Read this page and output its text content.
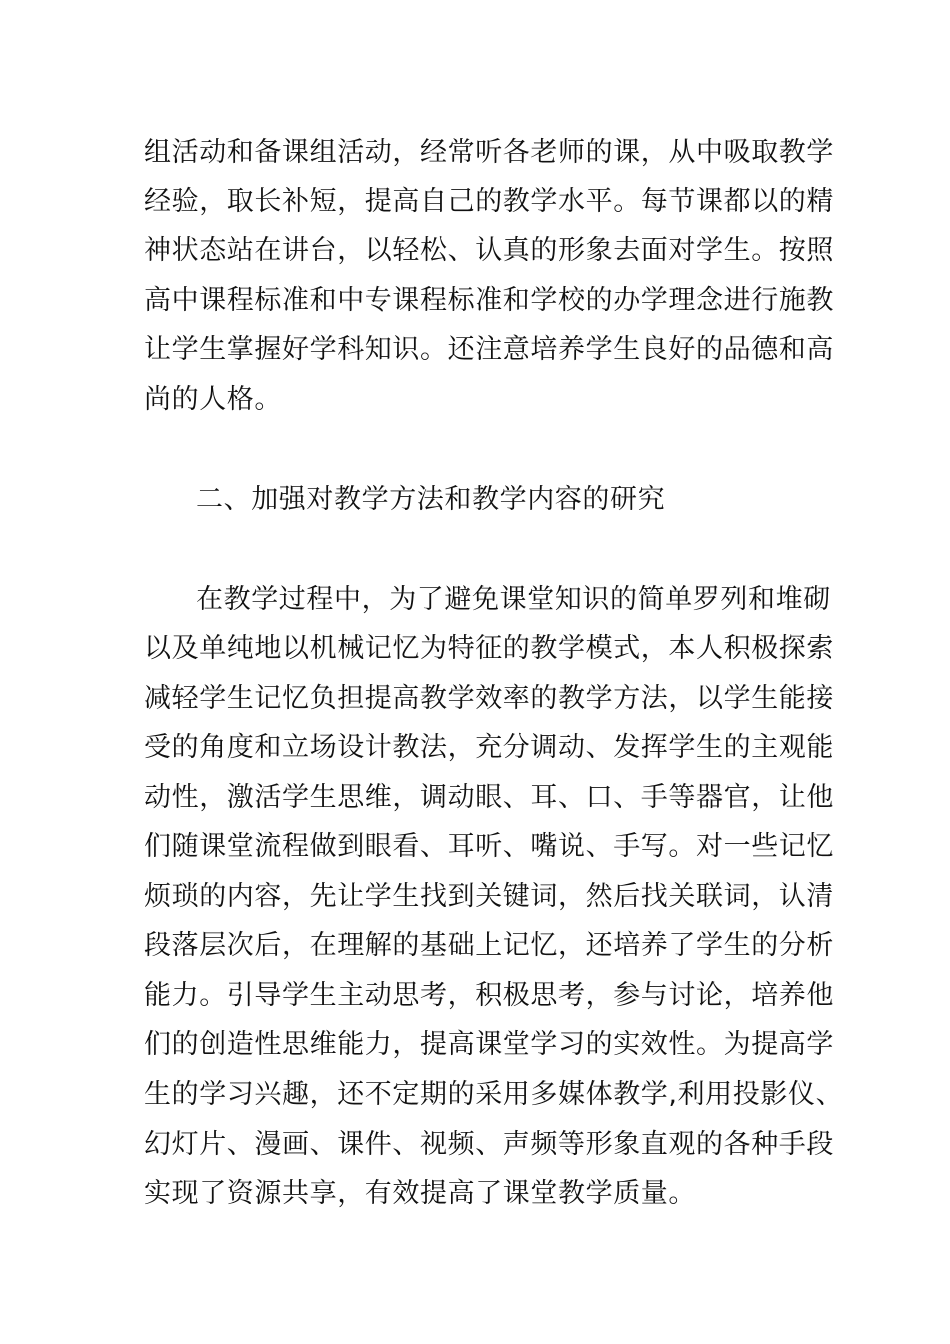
组活动和备课组活动，经常听各老师的课，从中吸取教学
经验，取长补短，提高自己的教学水平。每节课都以的精
神状态站在讲台，以轻松、认真的形象去面对学生。按照
高中课程标准和中专课程标准和学校的办学理念进行施教
让学生掌握好学科知识。还注意培养学生良好的品德和高
尚的人格。
二、加强对教学方法和教学内容的研究
在教学过程中，为了避免课堂知识的简单罗列和堆砌
以及单纯地以机械记忆为特征的教学模式，本人积极探索
减轻学生记忆负担提高教学效率的教学方法，以学生能接
受的角度和立场设计教法，充分调动、发挥学生的主观能
动性，激活学生思维，调动眼、耳、口、手等器官，让他
们随课堂流程做到眼看、耳听、嘴说、手写。对一些记忆
烦琐的内容，先让学生找到关键词，然后找关联词，认清
段落层次后，在理解的基础上记忆，还培养了学生的分析
能力。引导学生主动思考，积极思考，参与讨论，培养他
们的创造性思维能力，提高课堂学习的实效性。为提高学
生的学习兴趣，还不定期的采用多媒体教学,利用投影仪、
幻灯片、漫画、课件、视频、声频等形象直观的各种手段
实现了资源共享，有效提高了课堂教学质量。
